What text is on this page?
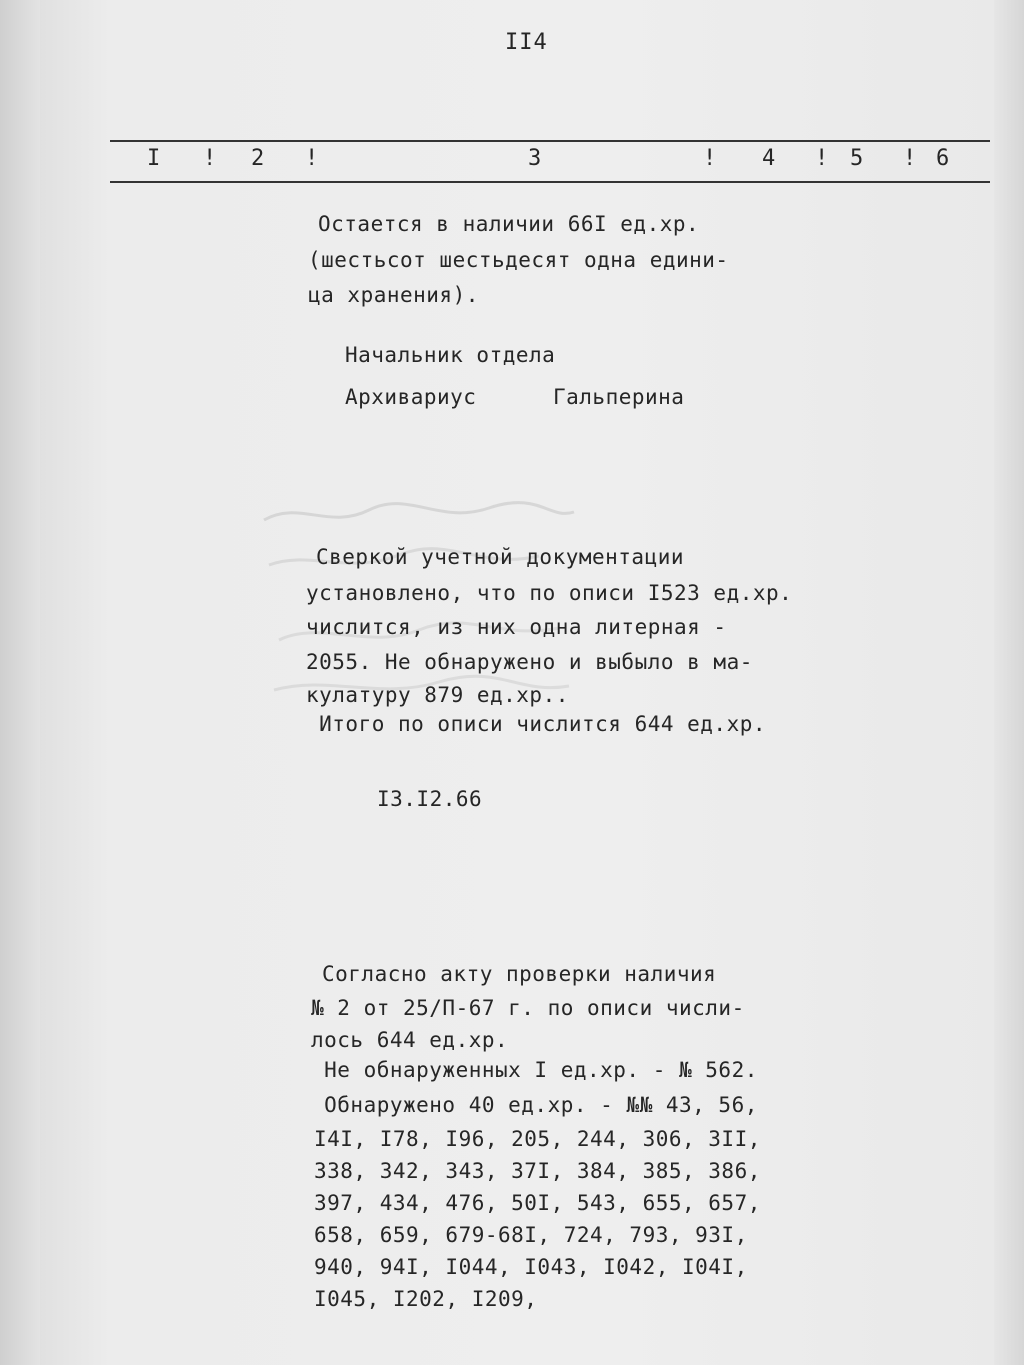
II4
I ! 2 !	3	! 4 ! 5 ! 6
Остается в наличии 66I ед.хр.
(шестьсот шестьдесят одна едини-
ца хранения).
Начальник отдела
Архивариус	Гальперина
Сверкой учетной документации
установлено, что по описи I523 ед.хр.
числится, из них одна литерная -
2055. Не обнаружено и выбыло в ма-
кулатуру 879 ед.хр..
Итого по описи числится 644 ед.хр.
I3.I2.66
Согласно акту проверки наличия
№ 2 от 25/П-67 г. по описи числи-
лось 644 ед.хр.
Не обнаруженных I ед.хр. - № 562.
Обнаружено 40 ед.хр. - №№ 43, 56,
I4I, I78, I96, 205, 244, 306, 3II,
338, 342, 343, 37I, 384, 385, 386,
397, 434, 476, 50I, 543, 655, 657,
658, 659, 679-68I, 724, 793, 93I,
940, 94I, I044, I043, I042, I04I,
I045, I202, I209,
